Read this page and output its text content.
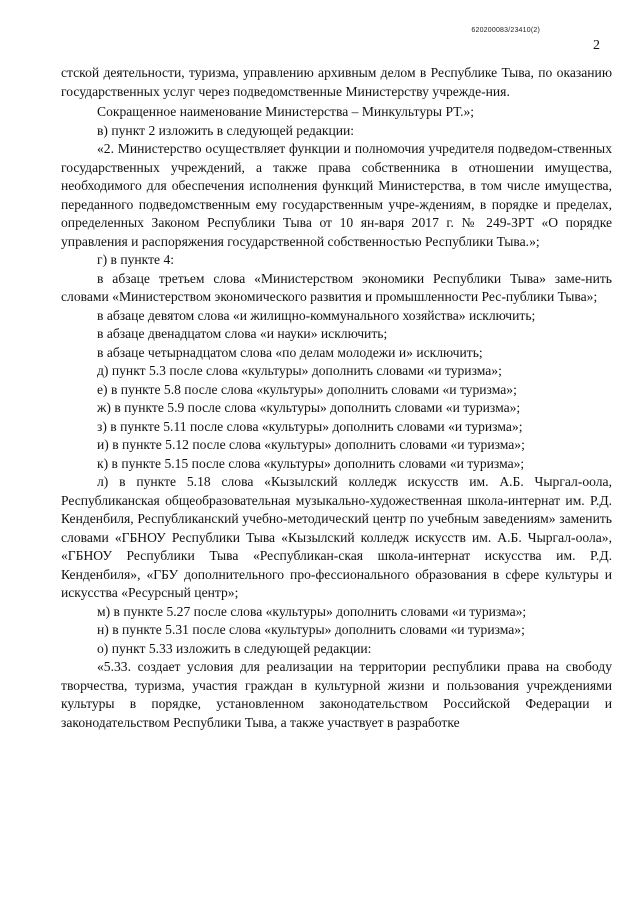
620200083/23410(2)
2

стской деятельности, туризма, управлению архивным делом в Республике Тыва, по оказанию государственных услуг через подведомственные Министерству учрежде-ния.

Сокращенное наименование Министерства – Минкультуры РТ.»;

в) пункт 2 изложить в следующей редакции:

«2. Министерство осуществляет функции и полномочия учредителя подведом-ственных государственных учреждений, а также права собственника в отношении имущества, необходимого для обеспечения исполнения функций Министерства, в том числе имущества, переданного подведомственным ему государственным учре-ждениям, в порядке и пределах, определенных Законом Республики Тыва от 10 ян-варя 2017 г. № 249-ЗРТ «О порядке управления и распоряжения государственной собственностью Республики Тыва.»;

г) в пункте 4:

в абзаце третьем слова «Министерством экономики Республики Тыва» заме-нить словами «Министерством экономического развития и промышленности Рес-публики Тыва»;

в абзаце девятом слова «и жилищно-коммунального хозяйства» исключить;

в абзаце двенадцатом слова «и науки» исключить;

в абзаце четырнадцатом слова «по делам молодежи и» исключить;

д) пункт 5.3 после слова «культуры» дополнить словами «и туризма»;

е) в пункте 5.8 после слова «культуры» дополнить словами «и туризма»;

ж) в пункте 5.9 после слова «культуры» дополнить словами «и туризма»;

з) в пункте 5.11 после слова «культуры» дополнить словами «и туризма»;

и) в пункте 5.12 после слова «культуры» дополнить словами «и туризма»;

к) в пункте 5.15 после слова «культуры» дополнить словами «и туризма»;

л) в пункте 5.18 слова «Кызылский колледж искусств им. А.Б. Чыргал-оола, Республиканская общеобразовательная музыкально-художественная школа-интернат им. Р.Д. Кенденбиля, Республиканский учебно-методический центр по учебным заведениям» заменить словами «ГБНОУ Республики Тыва «Кызылский колледж искусств им. А.Б. Чыргал-оола», «ГБНОУ Республики Тыва «Республикан-ская школа-интернат искусства им. Р.Д. Кенденбиля», «ГБУ дополнительного про-фессионального образования в сфере культуры и искусства «Ресурсный центр»;

м) в пункте 5.27 после слова «культуры» дополнить словами «и туризма»;

н) в пункте 5.31 после слова «культуры» дополнить словами «и туризма»;

о) пункт 5.33 изложить в следующей редакции:

«5.33. создает условия для реализации на территории республики права на свободу творчества, туризма, участия граждан в культурной жизни и пользования учреждениями культуры в порядке, установленном законодательством Российской Федерации и законодательством Республики Тыва, а также участвует в разработке
